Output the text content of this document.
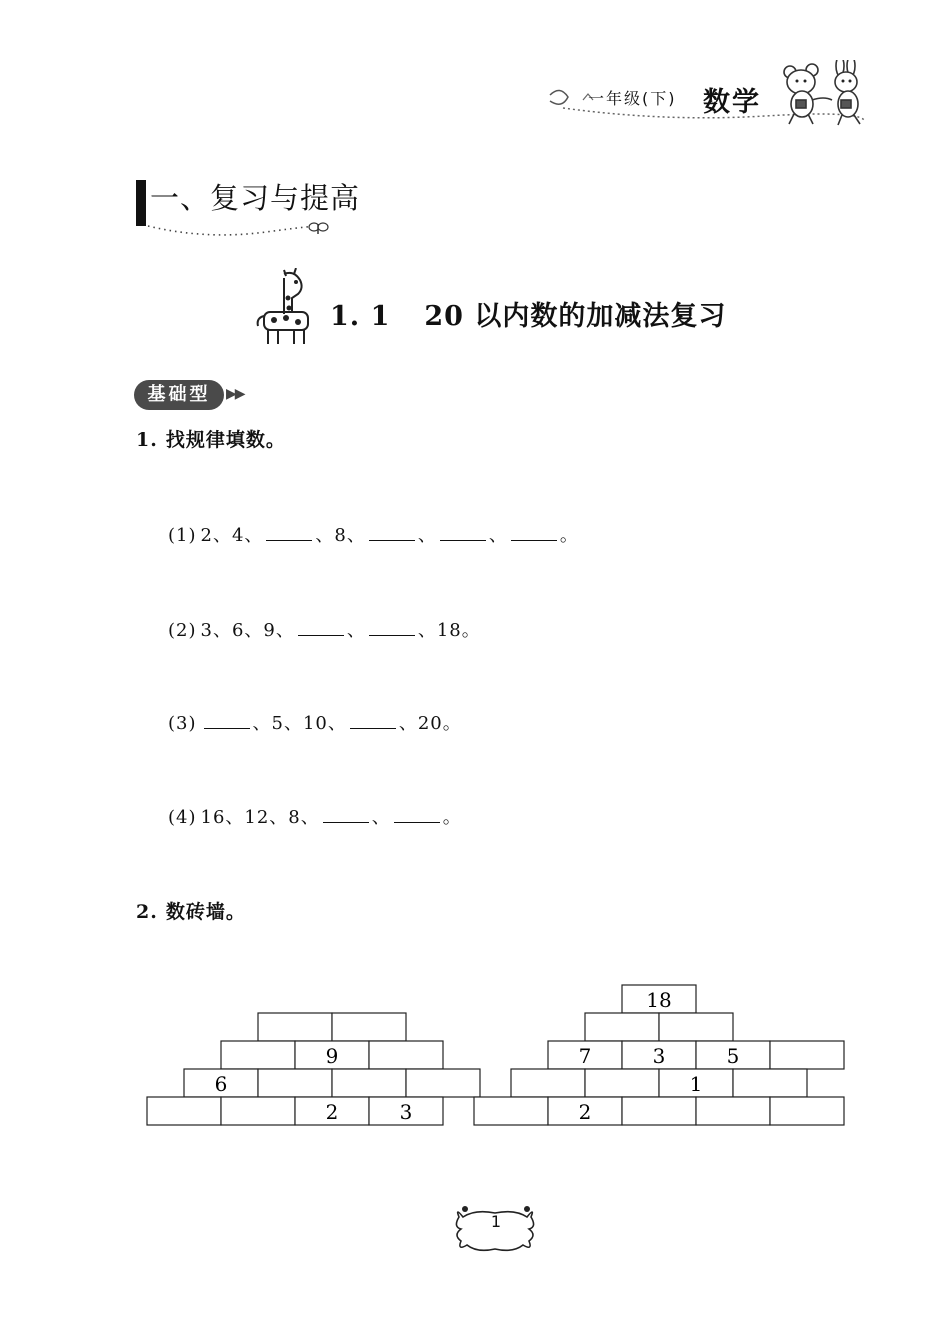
一年级(下) 数学
一、复习与提高
1. 1 20 以内数的加减法复习
基础型	▶▶
1. 找规律填数。
(1) 2、4、	、8、	、	、	。
(2) 3、6、9、	、	、18。
(3)	、5、10、	、20。
(4) 16、12、8、	、	。
2. 数砖墙。
9
6
2	3
18
7	3	5
1
2
1
